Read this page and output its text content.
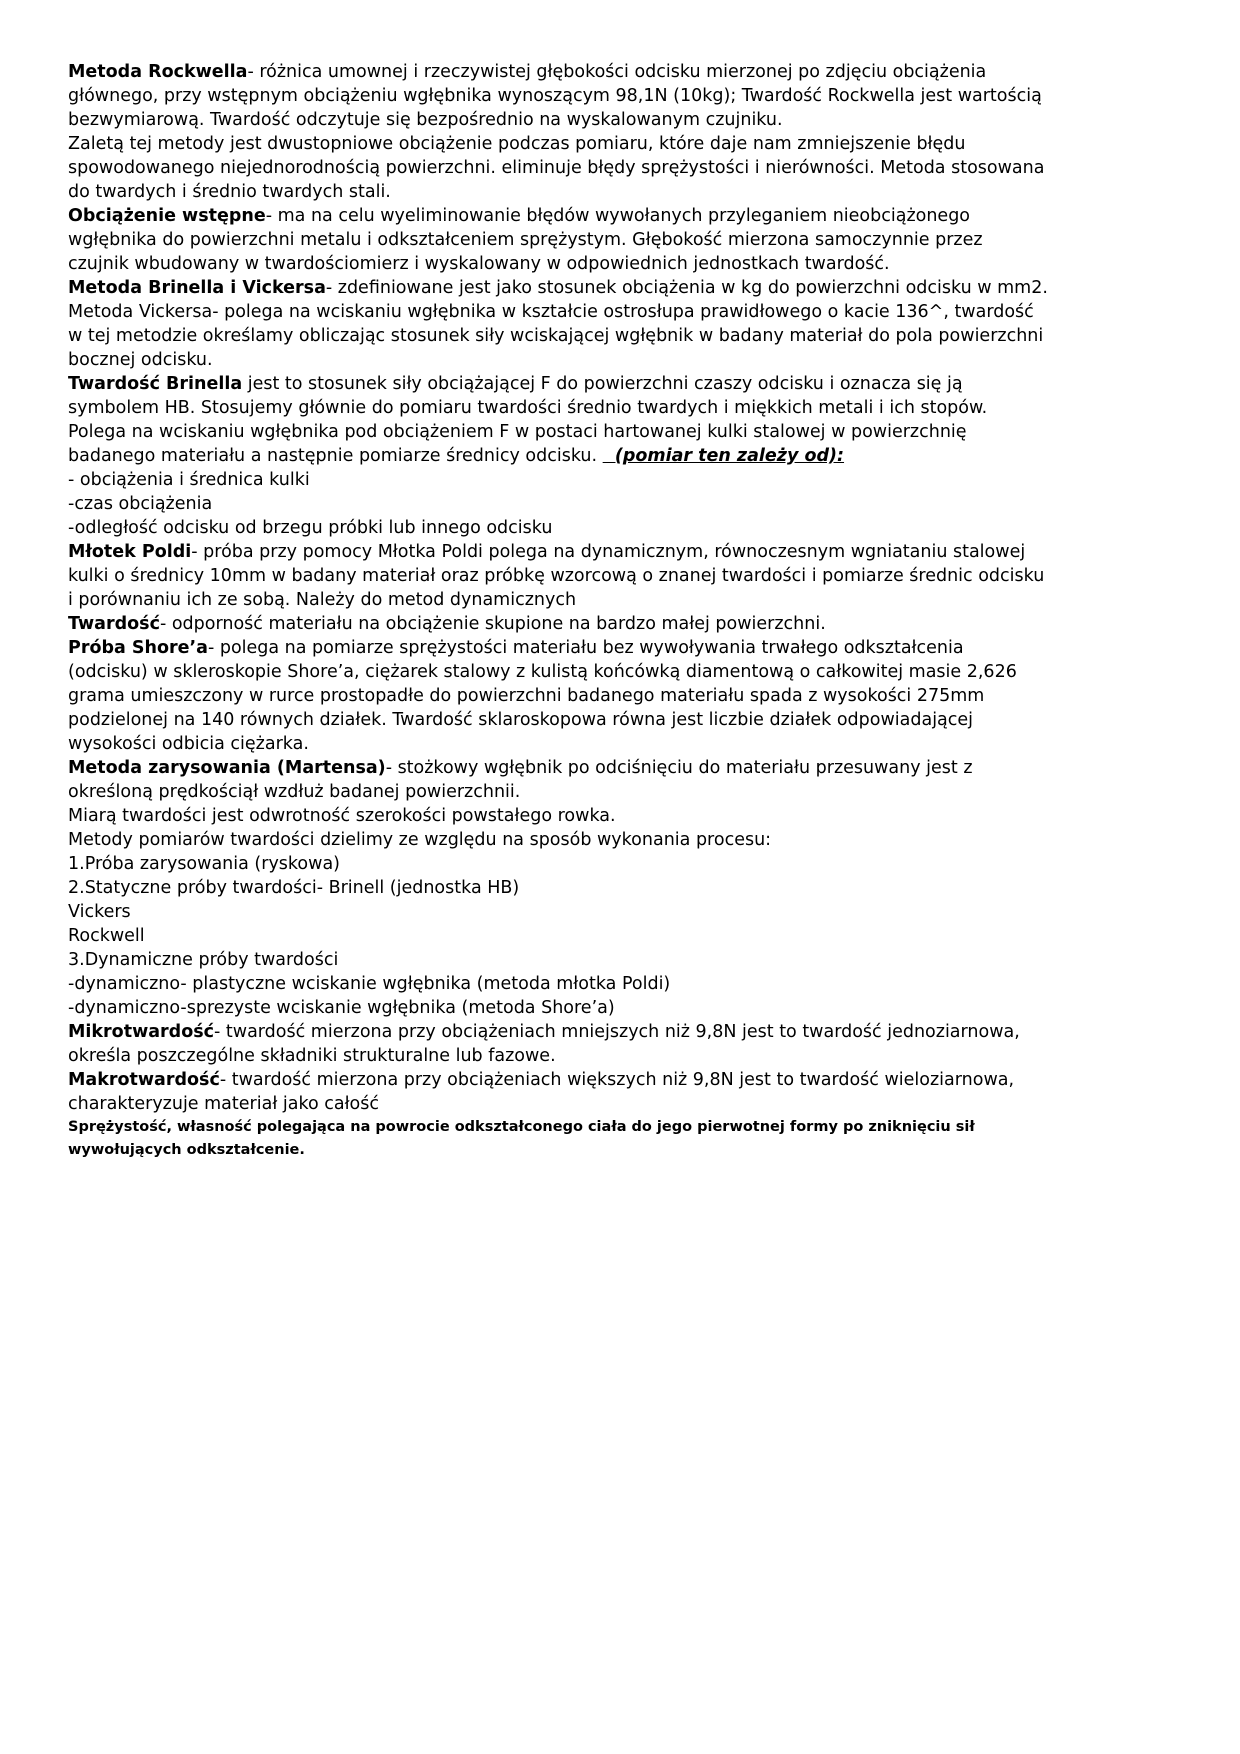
Metoda Rockwella- różnica umownej i rzeczywistej głębokości odcisku mierzonej po zdjęciu obciążenia głównego, przy wstępnym obciążeniu wgłębnika wynoszącym 98,1N (10kg); Twardość Rockwella jest wartością bezwymiarową. Twardość odczytuje się bezpośrednio na wyskalowanym czujniku.

Zaletą tej metody jest dwustopniowe obciążenie podczas pomiaru, które daje nam zmniejszenie błędu spowodowanego niejednorodnością powierzchni. eliminuje błędy sprężystości i nierówności. Metoda stosowana do twardych i średnio twardych stali.

Obciążenie wstępne- ma na celu wyeliminowanie błędów wywołanych przyleganiem nieobciążonego wgłębnika do powierzchni metalu i odkształceniem sprężystym. Głębokość mierzona samoczynnie przez czujnik wbudowany w twardościomierz i wyskalowany w odpowiednich jednostkach twardość.

Metoda Brinella i Vickersa- zdefiniowane jest jako stosunek obciążenia w kg do powierzchni odcisku w mm2.

Metoda Vickersa- polega na wciskaniu wgłębnika w kształcie ostrosłupa prawidłowego o kacie 136^, twardość w tej metodzie określamy obliczając stosunek siły wciskającej wgłębnik w badany materiał do pola powierzchni bocznej odcisku.

Twardość Brinella jest to stosunek siły obciążającej F do powierzchni czaszy odcisku i oznacza się ją symbolem HB. Stosujemy głównie do pomiaru twardości średnio twardych i miękkich metali i ich stopów. Polega na wciskaniu wgłębnika pod obciążeniem F w postaci hartowanej kulki stalowej w powierzchnię badanego materiału a następnie pomiarze średnicy odcisku.   (pomiar ten zależy od):

- obciążenia i średnica kulki

-czas obciążenia

-odległość odcisku od brzegu próbki lub innego odcisku

Młotek Poldi- próba przy pomocy Młotka Poldi polega na dynamicznym, równoczesnym wgniataniu stalowej kulki o średnicy 10mm w badany materiał oraz próbkę wzorcową o znanej twardości i pomiarze średnic odcisku i porównaniu ich ze sobą. Należy do metod dynamicznych

Twardość- odporność materiału na obciążenie skupione na bardzo małej powierzchni.

Próba Shore’a- polega na pomiarze sprężystości materiału bez wywoływania trwałego odkształcenia (odcisku) w skleroskopie Shore’a, ciężarek stalowy z kulistą końcówką diamentową o całkowitej masie 2,626 grama umieszczony w rurce prostopadłe do powierzchni badanego materiału spada z wysokości 275mm podzielonej na 140 równych działek. Twardość sklaroskopowa równa jest liczbie działek odpowiadającej wysokości odbicia ciężarka.

Metoda zarysowania (Martensa)- stożkowy wgłębnik po odciśnięciu do materiału przesuwany jest z określoną prędkościął wzdłuż badanej powierzchnii.

Miarą twardości jest odwrotność szerokości powstałego rowka.

Metody pomiarów twardości dzielimy ze względu na sposób wykonania procesu:

1.Próba zarysowania (ryskowa)

2.Statyczne próby twardości- Brinell (jednostka HB)

Vickers

Rockwell

3.Dynamiczne próby twardości

-dynamiczno- plastyczne wciskanie wgłębnika (metoda młotka Poldi)

-dynamiczno-sprezyste wciskanie wgłębnika (metoda Shore’a)

Mikrotwardość- twardość mierzona przy obciążeniach mniejszych niż 9,8N jest to twardość jednoziarnowa, określa poszczególne składniki strukturalne lub fazowe.

Makrotwardość- twardość mierzona przy obciążeniach większych niż 9,8N jest to twardość wieloziarnowa, charakteryzuje materiał jako całość

Sprężystość, własność polegająca na powrocie odkształconego ciała do jego pierwotnej formy po zniknięciu sił wywołujących odkształcenie.
